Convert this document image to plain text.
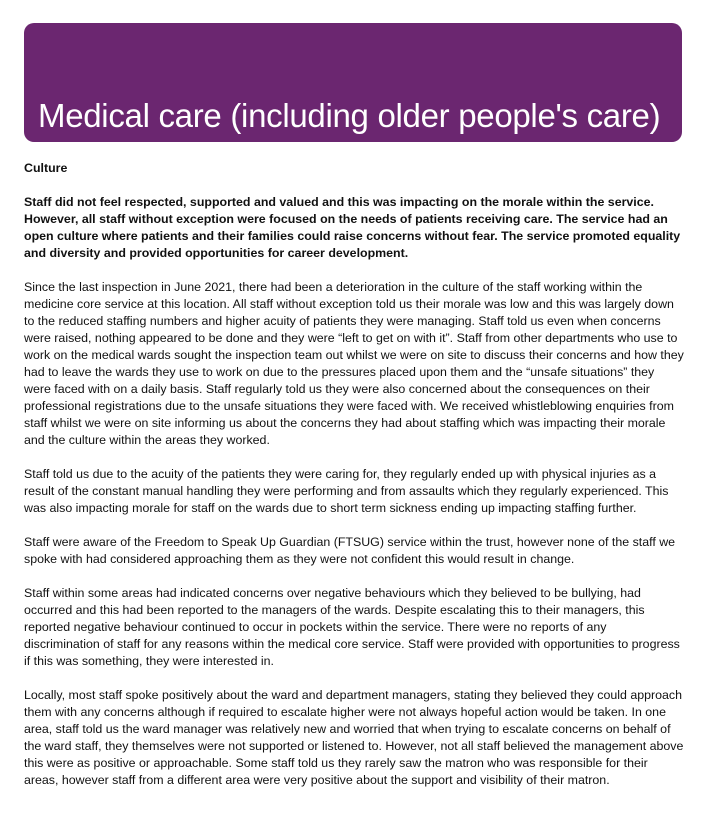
Medical care (including older people's care)

Culture

Staff did not feel respected, supported and valued and this was impacting on the morale within the service. However, all staff without exception were focused on the needs of patients receiving care. The service had an open culture where patients and their families could raise concerns without fear. The service promoted equality and diversity and provided opportunities for career development.

Since the last inspection in June 2021, there had been a deterioration in the culture of the staff working within the medicine core service at this location. All staff without exception told us their morale was low and this was largely down to the reduced staffing numbers and higher acuity of patients they were managing. Staff told us even when concerns were raised, nothing appeared to be done and they were “left to get on with it”. Staff from other departments who use to work on the medical wards sought the inspection team out whilst we were on site to discuss their concerns and how they had to leave the wards they use to work on due to the pressures placed upon them and the “unsafe situations” they were faced with on a daily basis. Staff regularly told us they were also concerned about the consequences on their professional registrations due to the unsafe situations they were faced with. We received whistleblowing enquiries from staff whilst we were on site informing us about the concerns they had about staffing which was impacting their morale and the culture within the areas they worked.

Staff told us due to the acuity of the patients they were caring for, they regularly ended up with physical injuries as a result of the constant manual handling they were performing and from assaults which they regularly experienced. This was also impacting morale for staff on the wards due to short term sickness ending up impacting staffing further.

Staff were aware of the Freedom to Speak Up Guardian (FTSUG) service within the trust, however none of the staff we spoke with had considered approaching them as they were not confident this would result in change.

Staff within some areas had indicated concerns over negative behaviours which they believed to be bullying, had occurred and this had been reported to the managers of the wards. Despite escalating this to their managers, this reported negative behaviour continued to occur in pockets within the service. There were no reports of any discrimination of staff for any reasons within the medical core service. Staff were provided with opportunities to progress if this was something, they were interested in.

Locally, most staff spoke positively about the ward and department managers, stating they believed they could approach them with any concerns although if required to escalate higher were not always hopeful action would be taken. In one area, staff told us the ward manager was relatively new and worried that when trying to escalate concerns on behalf of the ward staff, they themselves were not supported or listened to. However, not all staff believed the management above this were as positive or approachable. Some staff told us they rarely saw the matron who was responsible for their areas, however staff from a different area were very positive about the support and visibility of their matron.
